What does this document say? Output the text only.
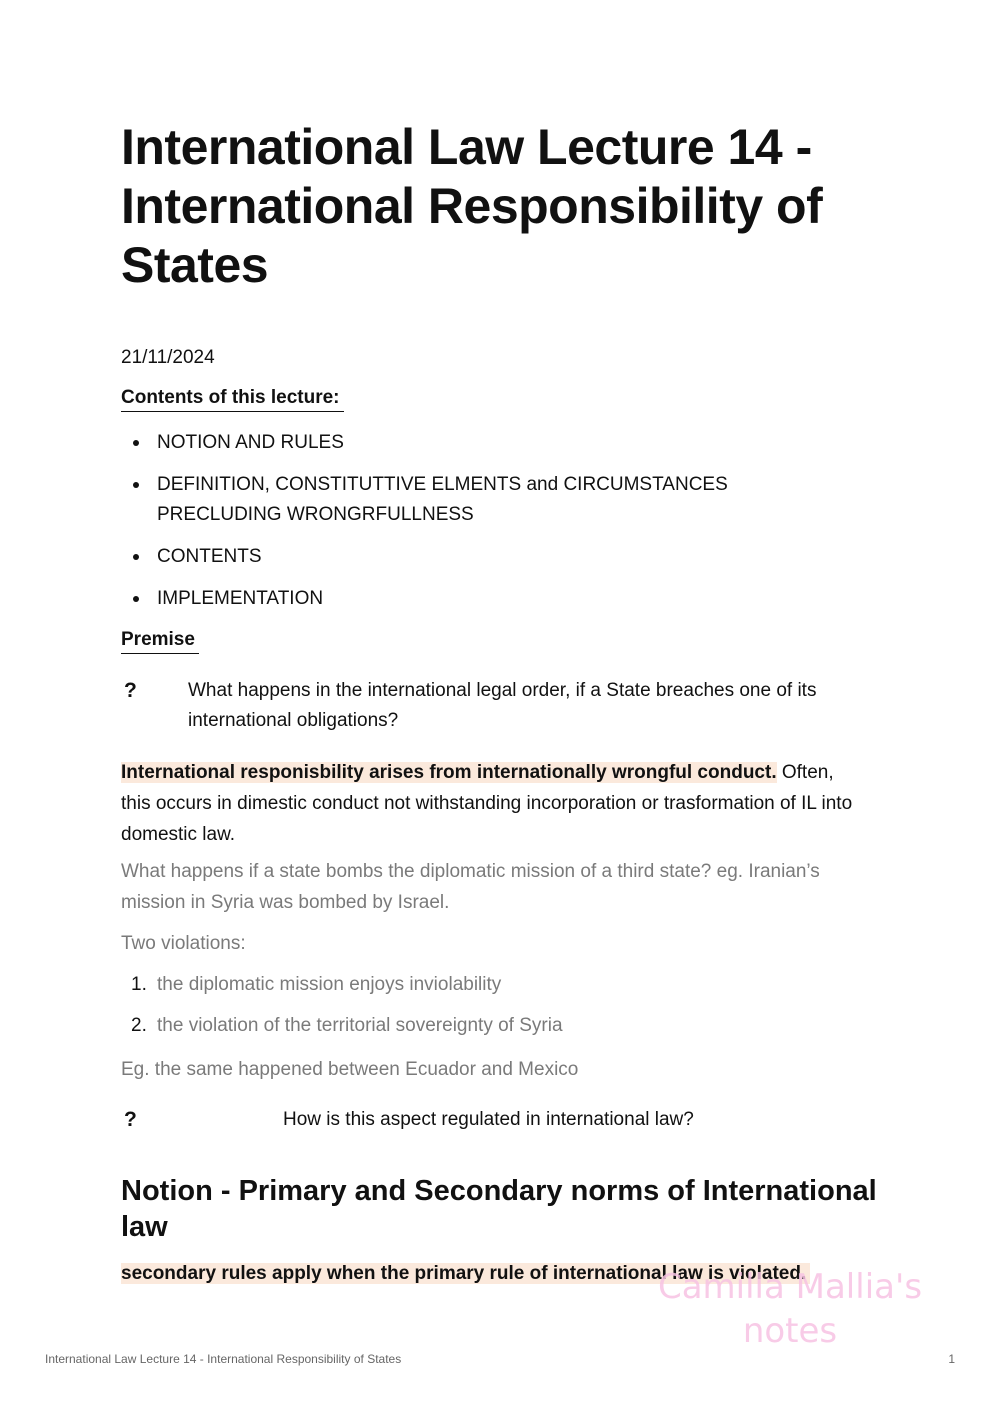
International Law Lecture 14 - International Responsibility of States
21/11/2024
Contents of this lecture:
NOTION AND RULES
DEFINITION, CONSTITUTTIVE ELMENTS and CIRCUMSTANCES PRECLUDING WRONGRFULLNESS
CONTENTS
IMPLEMENTATION
Premise
?	What happens in the international legal order, if a State breaches one of its international obligations?
International responisbility arises from internationally wrongful conduct. Often, this occurs in dimestic conduct not withstanding incorporation or trasformation of IL into domestic law.
What happens if a state bombs the diplomatic mission of a third state? eg. Iranian’s mission in Syria was bombed by Israel.
Two violations:
1. the diplomatic mission enjoys inviolability
2. the violation of the territorial sovereignty of Syria
Eg. the same happened between Ecuador and Mexico
?	How is this aspect regulated in international law?
Notion - Primary and Secondary norms of International law
secondary rules apply when the primary rule of international law is violated.
Camilla Mallia's
notes
International Law Lecture 14 - International Responsibility of States	1
